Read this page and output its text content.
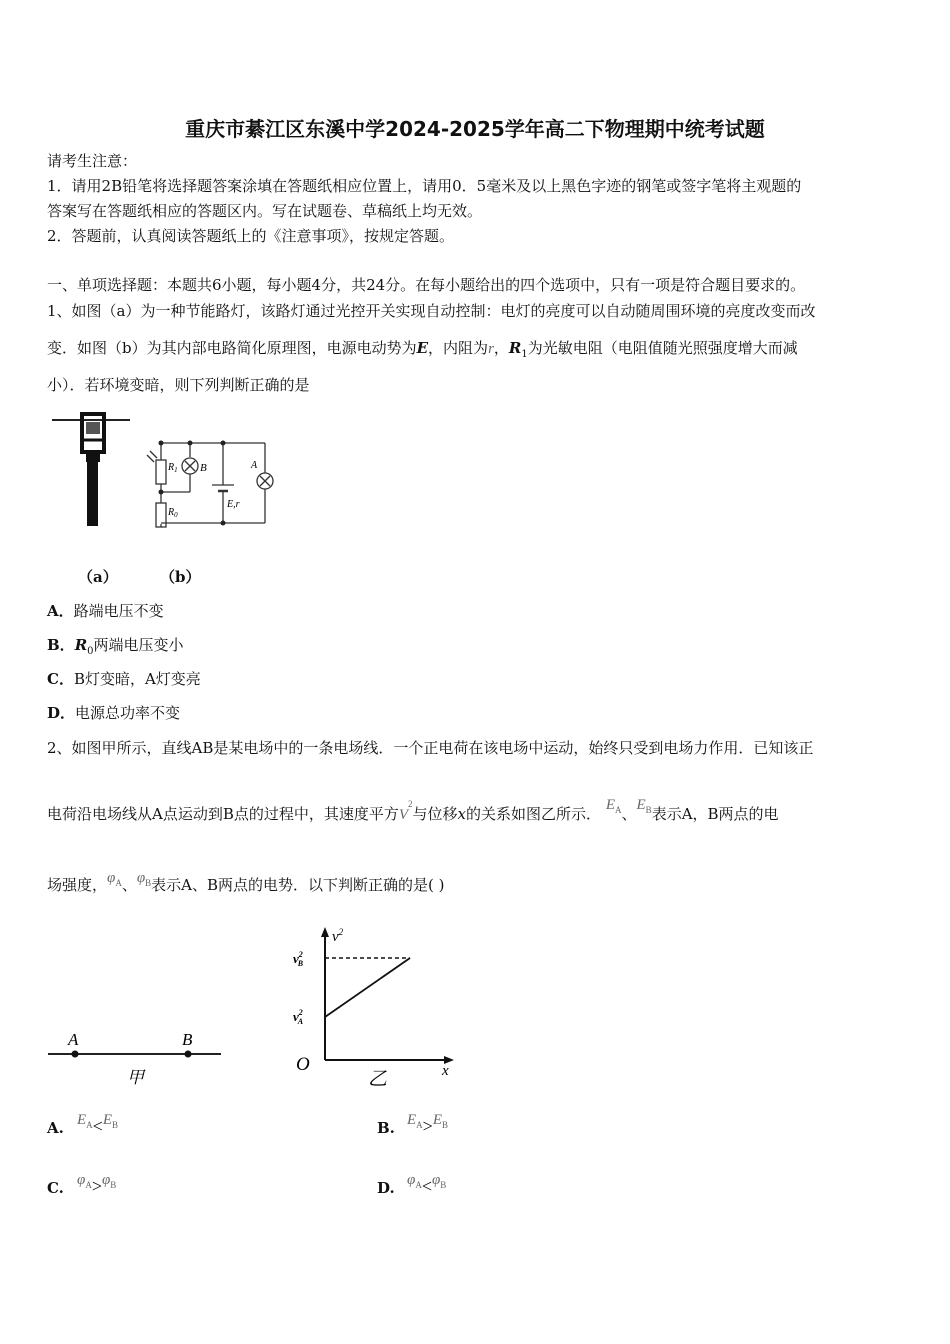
重庆市綦江区东溪中学2024-2025学年高二下物理期中统考试题
请考生注意：
1．请用2B铅笔将选择题答案涂填在答题纸相应位置上，请用0．5毫米及以上黑色字迹的钢笔或签字笔将主观题的
答案写在答题纸相应的答题区内。写在试题卷、草稿纸上均无效。
2．答题前，认真阅读答题纸上的《注意事项》，按规定答题。
一、单项选择题：本题共6小题，每小题4分，共24分。在每小题给出的四个选项中，只有一项是符合题目要求的。
1、如图（a）为一种节能路灯，该路灯通过光控开关实现自动控制：电灯的亮度可以自动随周围环境的亮度改变而改
变．如图（b）为其内部电路简化原理图，电源电动势为E，内阻为r，$R_1$为光敏电阻（电阻值随光照强度增大而减
小）．若环境变暗，则下列判断正确的是
$R_1$ B
$R_0$
E,r
A
（a）	（b）
A．路端电压不变
B．$R_0$两端电压变小
C．B灯变暗，A灯变亮
D．电源总功率不变
2、如图甲所示，直线AB是某电场中的一条电场线．一个正电荷在该电场中运动，始终只受到电场力作用．已知该正
电荷沿电场线从A点运动到B点的过程中，其速度平方$V^2$与位移x的关系如图乙所示． $E_A$、$E_B$表示A，B两点的电
场强度，$\varphi_A$、$\varphi_B$表示A、B两点的电势．以下判断正确的是( )
A	B
甲
$v^2$
$v^2$ B
$v^2$ A
O	x
乙
A. $E_A<E_B$	B. $E_A>E_B$
C. $\varphi_A>\varphi_B$	D. $\varphi_A<\varphi_B$
